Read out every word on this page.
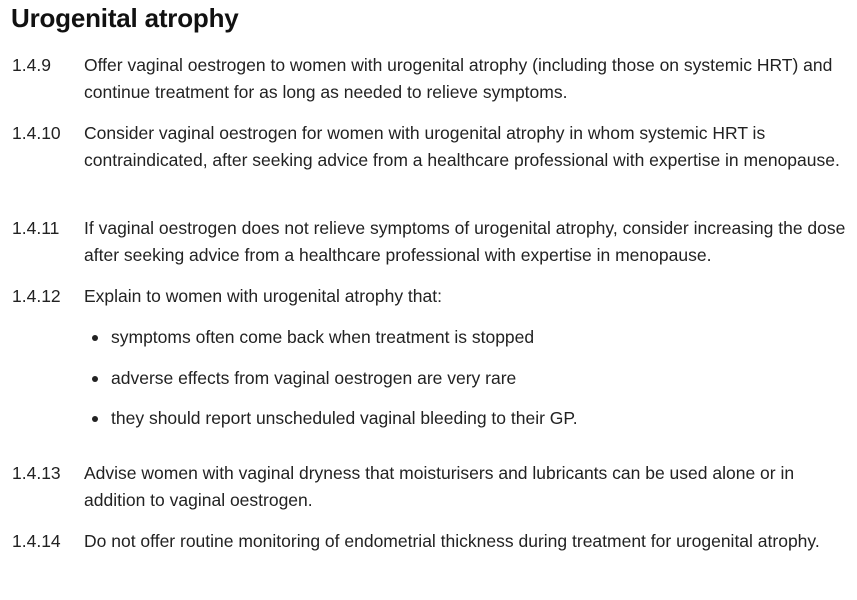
Urogenital atrophy
1.4.9 Offer vaginal oestrogen to women with urogenital atrophy (including those on systemic HRT) and continue treatment for as long as needed to relieve symptoms.
1.4.10 Consider vaginal oestrogen for women with urogenital atrophy in whom systemic HRT is contraindicated, after seeking advice from a healthcare professional with expertise in menopause.
1.4.11 If vaginal oestrogen does not relieve symptoms of urogenital atrophy, consider increasing the dose after seeking advice from a healthcare professional with expertise in menopause.
1.4.12 Explain to women with urogenital atrophy that:
symptoms often come back when treatment is stopped
adverse effects from vaginal oestrogen are very rare
they should report unscheduled vaginal bleeding to their GP.
1.4.13 Advise women with vaginal dryness that moisturisers and lubricants can be used alone or in addition to vaginal oestrogen.
1.4.14 Do not offer routine monitoring of endometrial thickness during treatment for urogenital atrophy.
